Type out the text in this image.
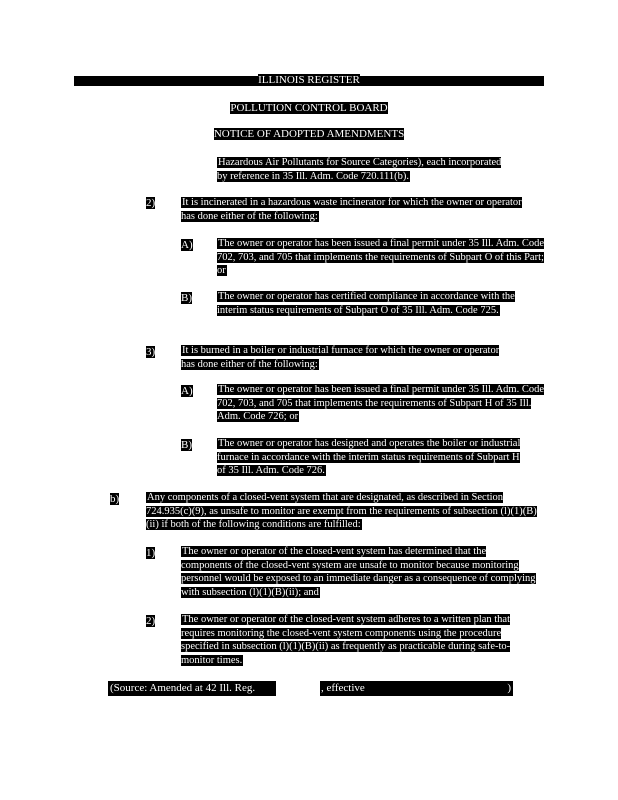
ILLINOIS REGISTER
POLLUTION CONTROL BOARD
NOTICE OF ADOPTED AMENDMENTS
Hazardous Air Pollutants for Source Categories), each incorporated by reference in 35 Ill. Adm. Code 720.111(b).
2)	It is incinerated in a hazardous waste incinerator for which the owner or operator has done either of the following:
A) The owner or operator has been issued a final permit under 35 Ill. Adm. Code 702, 703, and 705 that implements the requirements of Subpart O of this Part; or
B) The owner or operator has certified compliance in accordance with the interim status requirements of Subpart O of 35 Ill. Adm. Code 725.
3)	It is burned in a boiler or industrial furnace for which the owner or operator has done either of the following:
A) The owner or operator has been issued a final permit under 35 Ill. Adm. Code 702, 703, and 705 that implements the requirements of Subpart H of 35 Ill. Adm. Code 726; or
B) The owner or operator has designed and operates the boiler or industrial furnace in accordance with the interim status requirements of Subpart H of 35 Ill. Adm. Code 726.
b)	Any components of a closed-vent system that are designated, as described in Section 724.935(c)(9), as unsafe to monitor are exempt from the requirements of subsection (l)(1)(B)(ii) if both of the following conditions are fulfilled:
1)	The owner or operator of the closed-vent system has determined that the components of the closed-vent system are unsafe to monitor because monitoring personnel would be exposed to an immediate danger as a consequence of complying with subsection (l)(1)(B)(ii); and
2)	The owner or operator of the closed-vent system adheres to a written plan that requires monitoring the closed-vent system components using the procedure specified in subsection (l)(1)(B)(ii) as frequently as practicable during safe-to-monitor times.
(Source: Amended at 42 Ill. Reg.	, effective	)
